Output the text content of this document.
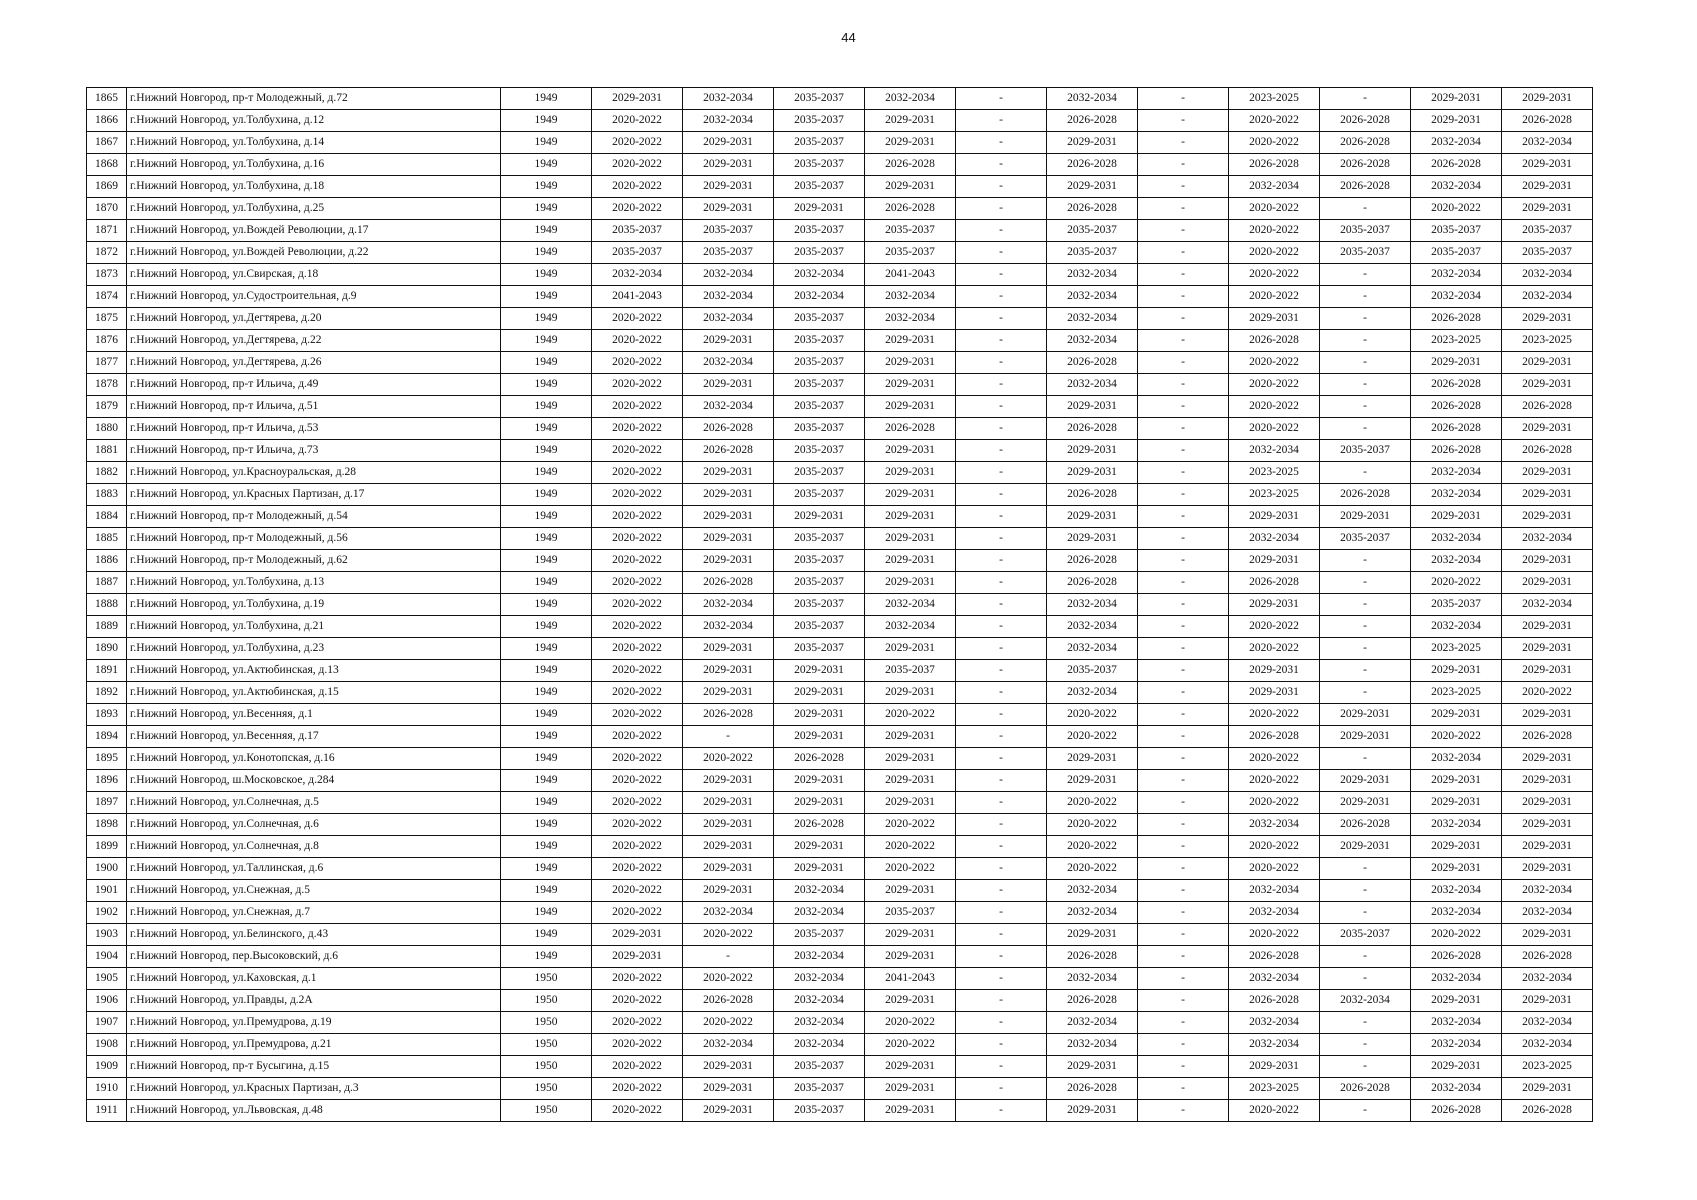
44
1865	г.Нижний Новгород, пр-т Молодежный, д.72	1949	2029-2031	2032-2034	2035-2037	2032-2034	-	2032-2034	-	2023-2025	-	2029-2031	2029-2031
1866	г.Нижний Новгород, ул.Толбухина, д.12	1949	2020-2022	2032-2034	2035-2037	2029-2031	-	2026-2028	-	2020-2022	2026-2028	2029-2031	2026-2028
1867	г.Нижний Новгород, ул.Толбухина, д.14	1949	2020-2022	2029-2031	2035-2037	2029-2031	-	2029-2031	-	2020-2022	2026-2028	2032-2034	2032-2034
1868	г.Нижний Новгород, ул.Толбухина, д.16	1949	2020-2022	2029-2031	2035-2037	2026-2028	-	2026-2028	-	2026-2028	2026-2028	2026-2028	2029-2031
1869	г.Нижний Новгород, ул.Толбухина, д.18	1949	2020-2022	2029-2031	2035-2037	2029-2031	-	2029-2031	-	2032-2034	2026-2028	2032-2034	2029-2031
1870	г.Нижний Новгород, ул.Толбухина, д.25	1949	2020-2022	2029-2031	2029-2031	2026-2028	-	2026-2028	-	2020-2022	-	2020-2022	2029-2031
1871	г.Нижний Новгород, ул.Вождей Революции, д.17	1949	2035-2037	2035-2037	2035-2037	2035-2037	-	2035-2037	-	2020-2022	2035-2037	2035-2037	2035-2037
1872	г.Нижний Новгород, ул.Вождей Революции, д.22	1949	2035-2037	2035-2037	2035-2037	2035-2037	-	2035-2037	-	2020-2022	2035-2037	2035-2037	2035-2037
1873	г.Нижний Новгород, ул.Свирская, д.18	1949	2032-2034	2032-2034	2032-2034	2041-2043	-	2032-2034	-	2020-2022	-	2032-2034	2032-2034
1874	г.Нижний Новгород, ул.Судостроительная, д.9	1949	2041-2043	2032-2034	2032-2034	2032-2034	-	2032-2034	-	2020-2022	-	2032-2034	2032-2034
1875	г.Нижний Новгород, ул.Дегтярева, д.20	1949	2020-2022	2032-2034	2035-2037	2032-2034	-	2032-2034	-	2029-2031	-	2026-2028	2029-2031
1876	г.Нижний Новгород, ул.Дегтярева, д.22	1949	2020-2022	2029-2031	2035-2037	2029-2031	-	2032-2034	-	2026-2028	-	2023-2025	2023-2025
1877	г.Нижний Новгород, ул.Дегтярева, д.26	1949	2020-2022	2032-2034	2035-2037	2029-2031	-	2026-2028	-	2020-2022	-	2029-2031	2029-2031
1878	г.Нижний Новгород, пр-т Ильича, д.49	1949	2020-2022	2029-2031	2035-2037	2029-2031	-	2032-2034	-	2020-2022	-	2026-2028	2029-2031
1879	г.Нижний Новгород, пр-т Ильича, д.51	1949	2020-2022	2032-2034	2035-2037	2029-2031	-	2029-2031	-	2020-2022	-	2026-2028	2026-2028
1880	г.Нижний Новгород, пр-т Ильича, д.53	1949	2020-2022	2026-2028	2035-2037	2026-2028	-	2026-2028	-	2020-2022	-	2026-2028	2029-2031
1881	г.Нижний Новгород, пр-т Ильича, д.73	1949	2020-2022	2026-2028	2035-2037	2029-2031	-	2029-2031	-	2032-2034	2035-2037	2026-2028	2026-2028
1882	г.Нижний Новгород, ул.Красноуральская, д.28	1949	2020-2022	2029-2031	2035-2037	2029-2031	-	2029-2031	-	2023-2025	-	2032-2034	2029-2031
1883	г.Нижний Новгород, ул.Красных Партизан, д.17	1949	2020-2022	2029-2031	2035-2037	2029-2031	-	2026-2028	-	2023-2025	2026-2028	2032-2034	2029-2031
1884	г.Нижний Новгород, пр-т Молодежный, д.54	1949	2020-2022	2029-2031	2029-2031	2029-2031	-	2029-2031	-	2029-2031	2029-2031	2029-2031	2029-2031
1885	г.Нижний Новгород, пр-т Молодежный, д.56	1949	2020-2022	2029-2031	2035-2037	2029-2031	-	2029-2031	-	2032-2034	2035-2037	2032-2034	2032-2034
1886	г.Нижний Новгород, пр-т Молодежный, д.62	1949	2020-2022	2029-2031	2035-2037	2029-2031	-	2026-2028	-	2029-2031	-	2032-2034	2029-2031
1887	г.Нижний Новгород, ул.Толбухина, д.13	1949	2020-2022	2026-2028	2035-2037	2029-2031	-	2026-2028	-	2026-2028	-	2020-2022	2029-2031
1888	г.Нижний Новгород, ул.Толбухина, д.19	1949	2020-2022	2032-2034	2035-2037	2032-2034	-	2032-2034	-	2029-2031	-	2035-2037	2032-2034
1889	г.Нижний Новгород, ул.Толбухина, д.21	1949	2020-2022	2032-2034	2035-2037	2032-2034	-	2032-2034	-	2020-2022	-	2032-2034	2029-2031
1890	г.Нижний Новгород, ул.Толбухина, д.23	1949	2020-2022	2029-2031	2035-2037	2029-2031	-	2032-2034	-	2020-2022	-	2023-2025	2029-2031
1891	г.Нижний Новгород, ул.Актюбинская, д.13	1949	2020-2022	2029-2031	2029-2031	2035-2037	-	2035-2037	-	2029-2031	-	2029-2031	2029-2031
1892	г.Нижний Новгород, ул.Актюбинская, д.15	1949	2020-2022	2029-2031	2029-2031	2029-2031	-	2032-2034	-	2029-2031	-	2023-2025	2020-2022
1893	г.Нижний Новгород, ул.Весенняя, д.1	1949	2020-2022	2026-2028	2029-2031	2020-2022	-	2020-2022	-	2020-2022	2029-2031	2029-2031	2029-2031
1894	г.Нижний Новгород, ул.Весенняя, д.17	1949	2020-2022	-	2029-2031	2029-2031	-	2020-2022	-	2026-2028	2029-2031	2020-2022	2026-2028
1895	г.Нижний Новгород, ул.Конотопская, д.16	1949	2020-2022	2020-2022	2026-2028	2029-2031	-	2029-2031	-	2020-2022	-	2032-2034	2029-2031
1896	г.Нижний Новгород, ш.Московское, д.284	1949	2020-2022	2029-2031	2029-2031	2029-2031	-	2029-2031	-	2020-2022	2029-2031	2029-2031	2029-2031
1897	г.Нижний Новгород, ул.Солнечная, д.5	1949	2020-2022	2029-2031	2029-2031	2029-2031	-	2020-2022	-	2020-2022	2029-2031	2029-2031	2029-2031
1898	г.Нижний Новгород, ул.Солнечная, д.6	1949	2020-2022	2029-2031	2026-2028	2020-2022	-	2020-2022	-	2032-2034	2026-2028	2032-2034	2029-2031
1899	г.Нижний Новгород, ул.Солнечная, д.8	1949	2020-2022	2029-2031	2029-2031	2020-2022	-	2020-2022	-	2020-2022	2029-2031	2029-2031	2029-2031
1900	г.Нижний Новгород, ул.Таллинская, д.6	1949	2020-2022	2029-2031	2029-2031	2020-2022	-	2020-2022	-	2020-2022	-	2029-2031	2029-2031
1901	г.Нижний Новгород, ул.Снежная, д.5	1949	2020-2022	2029-2031	2032-2034	2029-2031	-	2032-2034	-	2032-2034	-	2032-2034	2032-2034
1902	г.Нижний Новгород, ул.Снежная, д.7	1949	2020-2022	2032-2034	2032-2034	2035-2037	-	2032-2034	-	2032-2034	-	2032-2034	2032-2034
1903	г.Нижний Новгород, ул.Белинского, д.43	1949	2029-2031	2020-2022	2035-2037	2029-2031	-	2029-2031	-	2020-2022	2035-2037	2020-2022	2029-2031
1904	г.Нижний Новгород, пер.Высоковский, д.6	1949	2029-2031	-	2032-2034	2029-2031	-	2026-2028	-	2026-2028	-	2026-2028	2026-2028
1905	г.Нижний Новгород, ул.Каховская, д.1	1950	2020-2022	2020-2022	2032-2034	2041-2043	-	2032-2034	-	2032-2034	-	2032-2034	2032-2034
1906	г.Нижний Новгород, ул.Правды, д.2А	1950	2020-2022	2026-2028	2032-2034	2029-2031	-	2026-2028	-	2026-2028	2032-2034	2029-2031	2029-2031
1907	г.Нижний Новгород, ул.Премудрова, д.19	1950	2020-2022	2020-2022	2032-2034	2020-2022	-	2032-2034	-	2032-2034	-	2032-2034	2032-2034
1908	г.Нижний Новгород, ул.Премудрова, д.21	1950	2020-2022	2032-2034	2032-2034	2020-2022	-	2032-2034	-	2032-2034	-	2032-2034	2032-2034
1909	г.Нижний Новгород, пр-т Бусыгина, д.15	1950	2020-2022	2029-2031	2035-2037	2029-2031	-	2029-2031	-	2029-2031	-	2029-2031	2023-2025
1910	г.Нижний Новгород, ул.Красных Партизан, д.3	1950	2020-2022	2029-2031	2035-2037	2029-2031	-	2026-2028	-	2023-2025	2026-2028	2032-2034	2029-2031
1911	г.Нижний Новгород, ул.Львовская, д.48	1950	2020-2022	2029-2031	2035-2037	2029-2031	-	2029-2031	-	2020-2022	-	2026-2028	2026-2028
